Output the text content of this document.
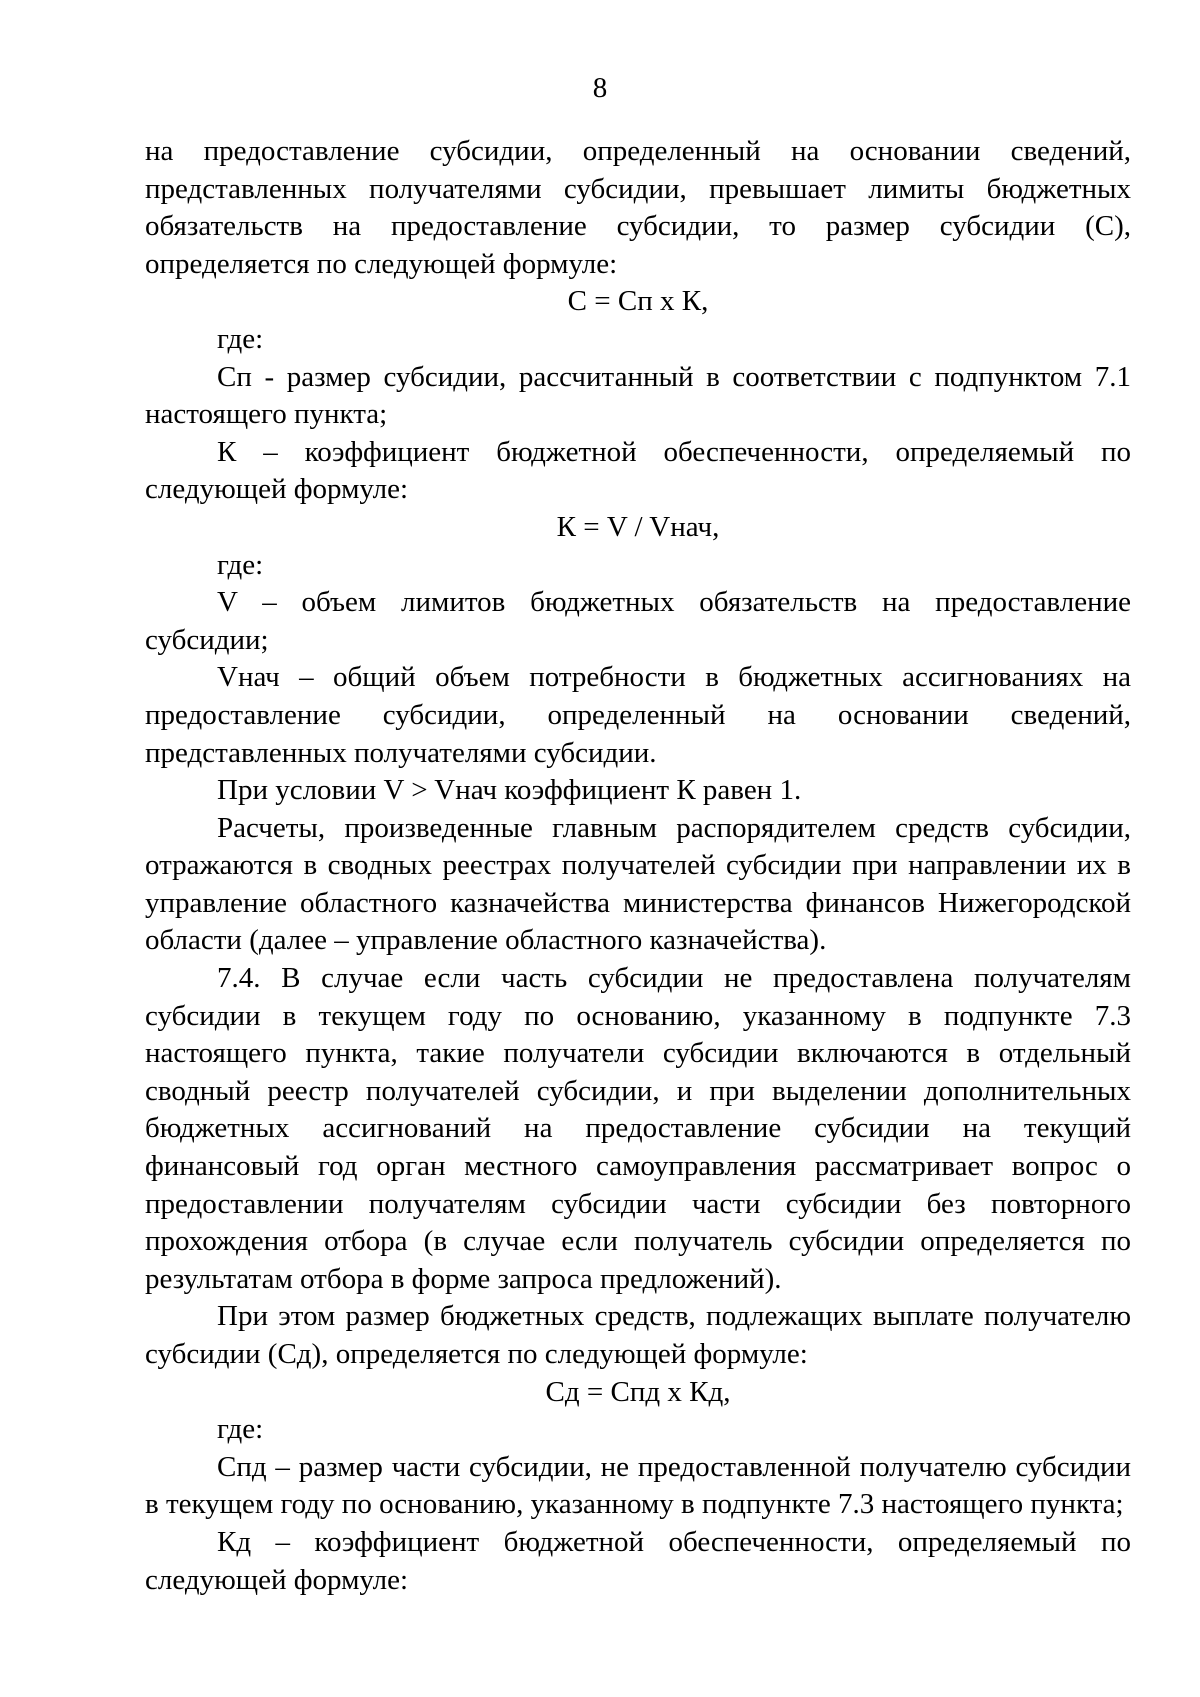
8

на предоставление субсидии, определенный на основании сведений, представленных получателями субсидии, превышает лимиты бюджетных обязательств на предоставление субсидии, то размер субсидии (С), определяется по следующей формуле:

С = Сп х К,

где:

Сп - размер субсидии, рассчитанный в соответствии с подпунктом 7.1 настоящего пункта;

К – коэффициент бюджетной обеспеченности, определяемый по следующей формуле:

К = V / Vнач,

где:

V – объем лимитов бюджетных обязательств на предоставление субсидии;

Vнач – общий объем потребности в бюджетных ассигнованиях на предоставление субсидии, определенный на основании сведений, представленных получателями субсидии.

При условии V > Vнач коэффициент К равен 1.

Расчеты, произведенные главным распорядителем средств субсидии, отражаются в сводных реестрах получателей субсидии при направлении их в управление областного казначейства министерства финансов Нижегородской области (далее – управление областного казначейства).

7.4. В случае если часть субсидии не предоставлена получателям субсидии в текущем году по основанию, указанному в подпункте 7.3 настоящего пункта, такие получатели субсидии включаются в отдельный сводный реестр получателей субсидии, и при выделении дополнительных бюджетных ассигнований на предоставление субсидии на текущий финансовый год орган местного самоуправления рассматривает вопрос о предоставлении получателям субсидии части субсидии без повторного прохождения отбора (в случае если получатель субсидии определяется по результатам отбора в форме запроса предложений).

При этом размер бюджетных средств, подлежащих выплате получателю субсидии (Сд), определяется по следующей формуле:

Сд = Спд х Кд,

где:

Спд – размер части субсидии, не предоставленной получателю субсидии в текущем году по основанию, указанному в подпункте 7.3 настоящего пункта;

Кд – коэффициент бюджетной обеспеченности, определяемый по следующей формуле:
